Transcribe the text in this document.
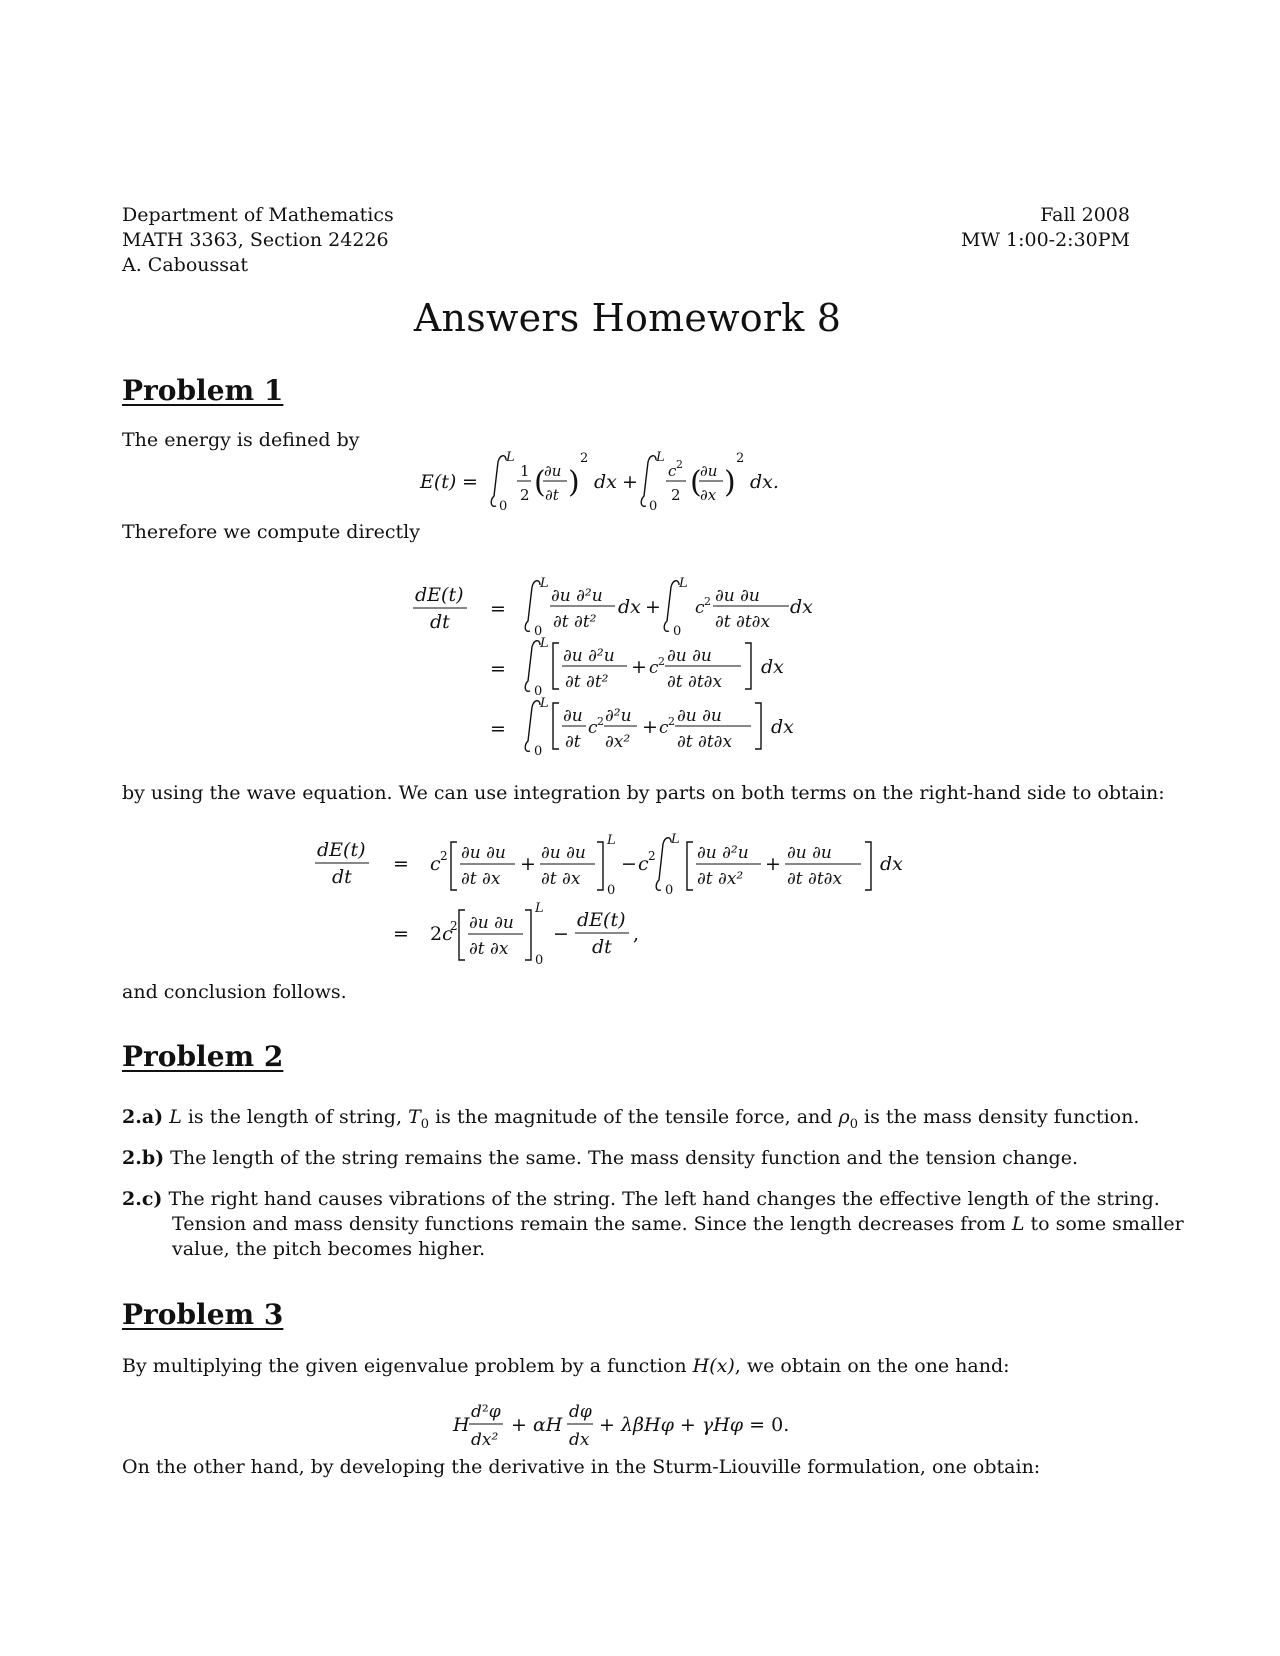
Department of Mathematics
MATH 3363, Section 24226
A. Caboussat
Fall 2008
MW 1:00-2:30PM
Answers Homework 8
Problem 1
The energy is defined by
E(t) =
L
0
1
2 (
∂u
∂t )
2
dx +
L
0
c 2
2 (
∂u
∂x )
2
dx.
Therefore we compute directly
dE(t)
dt
=
=
=
L
0
∂u ∂²u
∂t ∂t²
dx +
L
0
c 2 ∂u ∂u
∂t ∂t∂x
dx
L
0
∂u ∂²u
∂t ∂t²
+ c 2 ∂u ∂u
∂t ∂t∂x
dx
L
0
∂u
∂t
c 2 ∂²u
∂x²
+ c 2 ∂u ∂u
∂t ∂t∂x
dx
by using the wave equation. We can use integration by parts on both terms on the right-hand side to obtain:
dE(t)
dt
= c 2 ∂u ∂u
∂t ∂x
+ ∂u ∂u
∂t ∂x
L
0
− c 2
L
0
∂u ∂²u
∂t ∂x²
+ ∂u ∂u
∂t ∂t∂x
dx
= 2c
2 ∂u ∂u
∂t ∂x
L
0
−
dE(t)
dt
,
and conclusion follows.
Problem 2
2.a) L is the length of string, $T_0$ is the magnitude of the tensile force, and $\rho_0$ is the mass density function.
2.b) The length of the string remains the same. The mass density function and the tension change.
2.c) The right hand causes vibrations of the string. The left hand changes the effective length of the string.
Tension and mass density functions remain the same. Since the length decreases from L to some smaller
value, the pitch becomes higher.
Problem 3
By multiplying the given eigenvalue problem by a function H(x), we obtain on the one hand:
H
d²φ
dx²
+ αH
dφ
dx
+ λβHφ + γHφ = 0.
On the other hand, by developing the derivative in the Sturm-Liouville formulation, one obtain:
